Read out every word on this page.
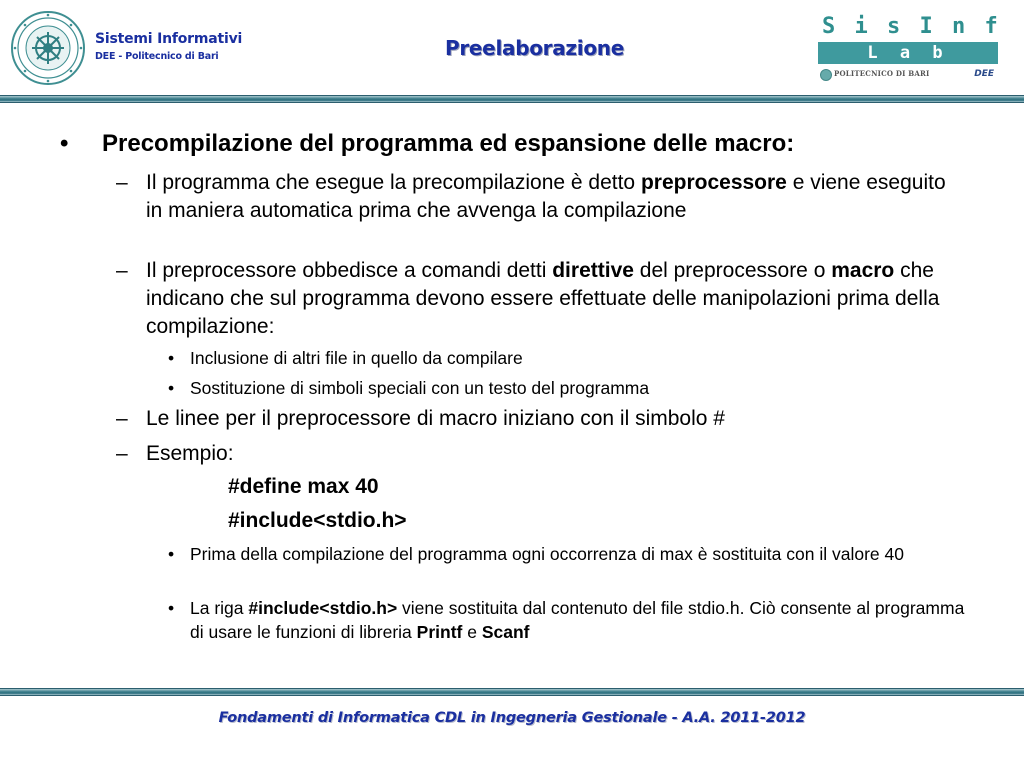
Sistemi Informativi
DEE - Politecnico di Bari	Preelaborazione
S i s I n f
L a b
POLITECNICO DI BARI	DEE
• Precompilazione del programma ed espansione delle macro:
– Il programma che esegue la precompilazione è detto preprocessore e viene eseguito in maniera automatica prima che avvenga la compilazione
– Il preprocessore obbedisce a comandi detti direttive del preprocessore o macro che indicano che sul programma devono essere effettuate delle manipolazioni prima della compilazione:
• Inclusione di altri file in quello da compilare
• Sostituzione di simboli speciali con un testo del programma
– Le linee per il preprocessore di macro iniziano con il simbolo #
– Esempio:
#define max 40
#include<stdio.h>
• Prima della compilazione del programma ogni occorrenza di max è sostituita con il valore 40
• La riga #include<stdio.h> viene sostituita dal contenuto del file stdio.h. Ciò consente al programma di usare le funzioni di libreria Printf e Scanf
Fondamenti di Informatica CDL in Ingegneria Gestionale - A.A. 2011-2012
